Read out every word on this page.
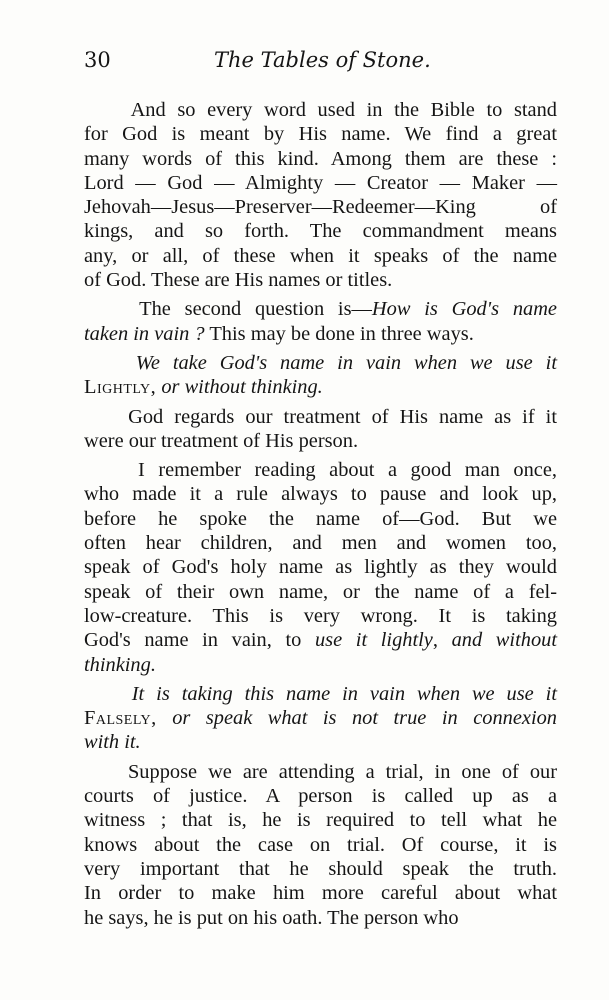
30	The Tables of Stone.
And so every word used in the Bible to stand
for God is meant by His name. We find a great
many words of this kind. Among them are these :
Lord — God — Almighty — Creator — Maker —
Jehovah—Jesus—Preserver—Redeemer—King of
kings, and so forth. The commandment means
any, or all, of these when it speaks of the name
of God. These are His names or titles.
The second question is—How is God's name
taken in vain ? This may be done in three ways.
We take God's name in vain when we use it
Lightly, or without thinking.
God regards our treatment of His name as if it
were our treatment of His person.
I remember reading about a good man once,
who made it a rule always to pause and look up,
before he spoke the name of—God. But we
often hear children, and men and women too,
speak of God's holy name as lightly as they would
speak of their own name, or the name of a fel-
low-creature. This is very wrong. It is taking
God's name in vain, to use it lightly, and without
thinking.
It is taking this name in vain when we use it
Falsely, or speak what is not true in connexion
with it.
Suppose we are attending a trial, in one of our
courts of justice. A person is called up as a
witness ; that is, he is required to tell what he
knows about the case on trial. Of course, it is
very important that he should speak the truth.
In order to make him more careful about what
he says, he is put on his oath. The person who
